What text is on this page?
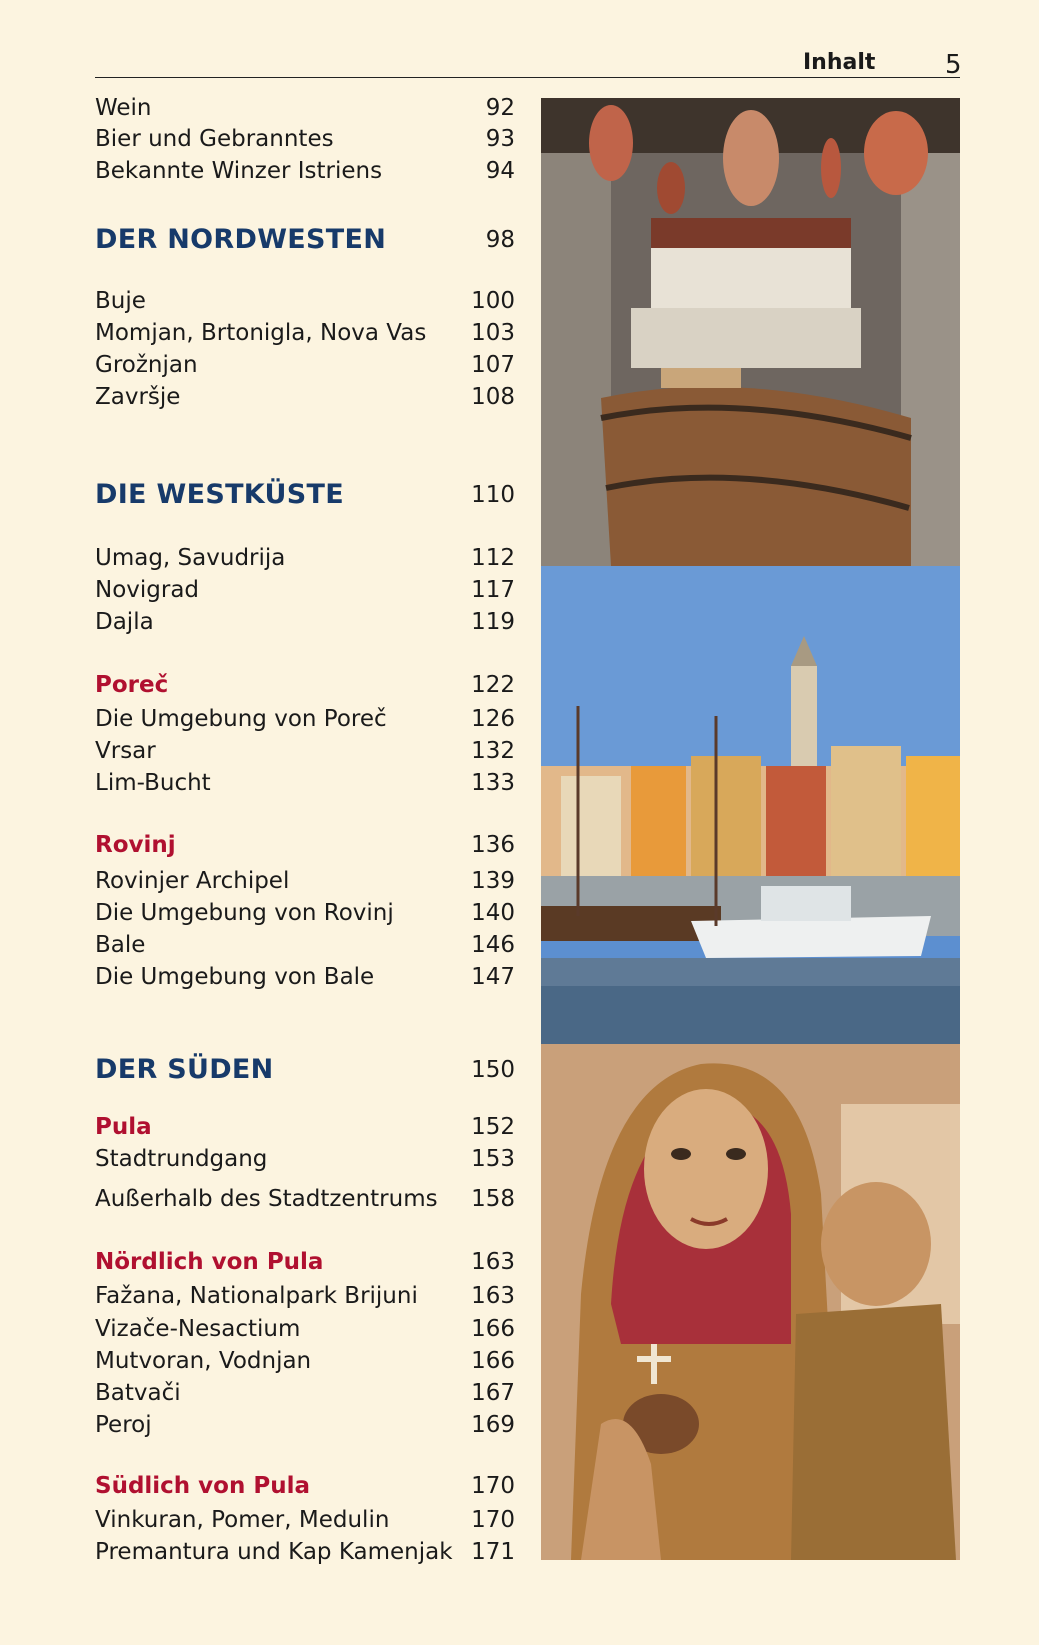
Inhalt	5
Wein	92
Bier und Gebranntes	93
Bekannte Winzer Istriens	94
DER NORDWESTEN	98
Buje	100
Momjan, Brtonigla, Nova Vas 103
Grožnjan	107
Završje	108
DIE WESTKÜSTE	110
Umag, Savudrija	112
Novigrad	117
Dajla	119
Poreč	122
Die Umgebung von Poreč	126
Vrsar	132
Lim-Bucht	133
Rovinj	136
Rovinjer Archipel	139
Die Umgebung von Rovinj	140
Bale	146
Die Umgebung von Bale	147
DER SÜDEN	150
Pula	152
Stadtrundgang	153
Außerhalb des Stadtzentrums 158
Nördlich von Pula	163
Fažana, Nationalpark Brijuni 163
Vizače-Nesactium	166
Mutvoran, Vodnjan	166
Batvači	167
Peroj	169
Südlich von Pula	170
Vinkuran, Pomer, Medulin	170
Premantura und Kap Kamenjak 171
